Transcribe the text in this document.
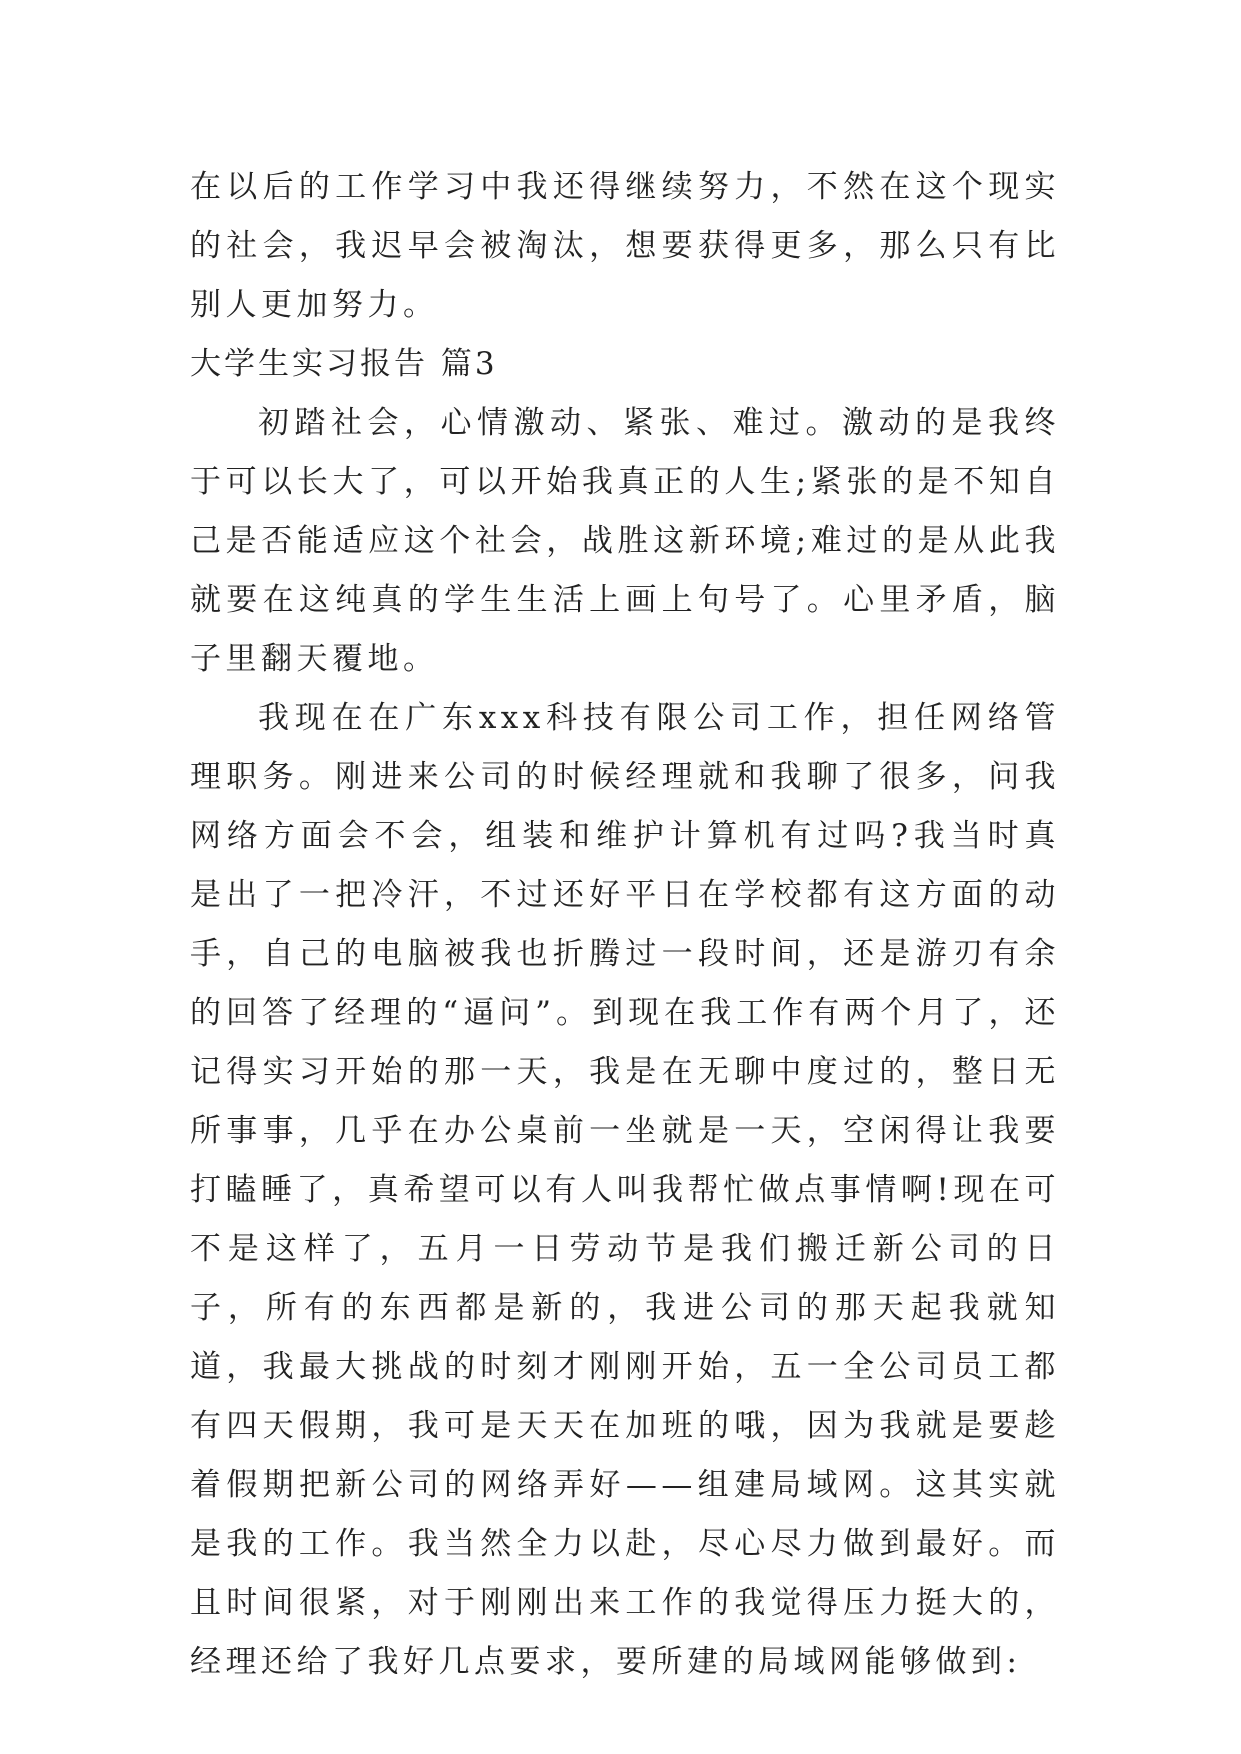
在以后的工作学习中我还得继续努力，不然在这个现实的社会，我迟早会被淘汰，想要获得更多，那么只有比别人更加努力。

大学生实习报告 篇3

初踏社会，心情激动、紧张、难过。激动的是我终于可以长大了，可以开始我真正的人生;紧张的是不知自己是否能适应这个社会，战胜这新环境;难过的是从此我就要在这纯真的学生生活上画上句号了。心里矛盾，脑子里翻天覆地。

我现在在广东xxx科技有限公司工作，担任网络管理职务。刚进来公司的时候经理就和我聊了很多，问我网络方面会不会，组装和维护计算机有过吗?我当时真是出了一把冷汗，不过还好平日在学校都有这方面的动手，自己的电脑被我也折腾过一段时间，还是游刃有余的回答了经理的“逼问”。到现在我工作有两个月了，还记得实习开始的那一天，我是在无聊中度过的，整日无所事事，几乎在办公桌前一坐就是一天，空闲得让我要打瞌睡了，真希望可以有人叫我帮忙做点事情啊!现在可不是这样了，五月一日劳动节是我们搬迁新公司的日子，所有的东西都是新的，我进公司的那天起我就知道，我最大挑战的时刻才刚刚开始，五一全公司员工都有四天假期，我可是天天在加班的哦，因为我就是要趁着假期把新公司的网络弄好——组建局域网。这其实就是我的工作。我当然全力以赴，尽心尽力做到最好。而且时间很紧，对于刚刚出来工作的我觉得压力挺大的，经理还给了我好几点要求，要所建的局域网能够做到:
